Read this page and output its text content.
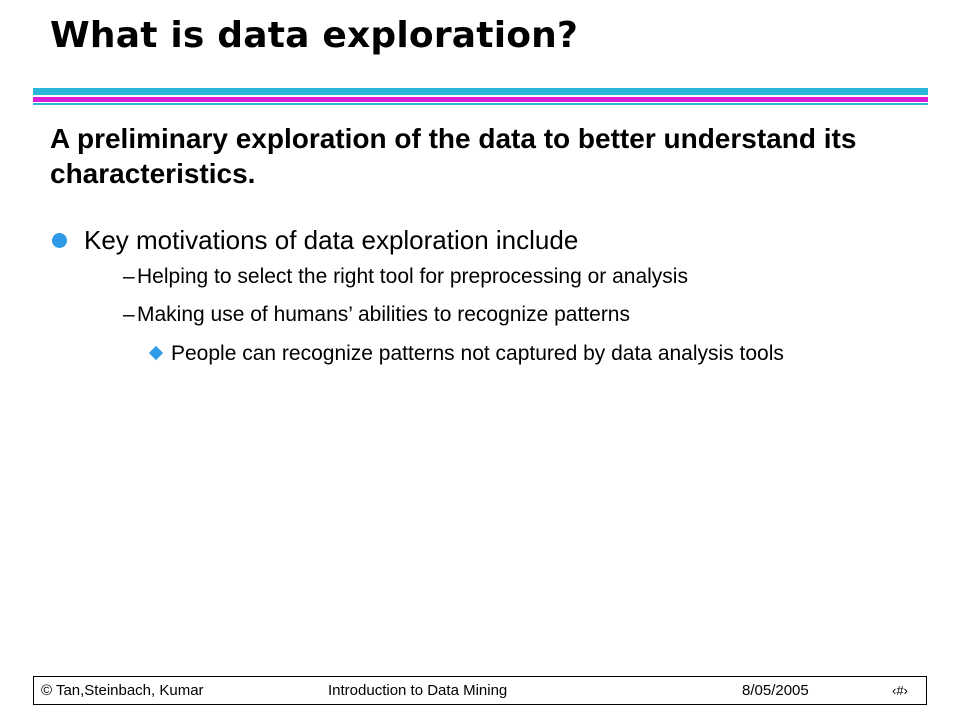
What is data exploration?

A preliminary exploration of the data to better understand its characteristics.

Key motivations of data exploration include
– Helping to select the right tool for preprocessing or analysis
– Making use of humans’ abilities to recognize patterns
People can recognize patterns not captured by data analysis tools
© Tan,Steinbach, Kumar	Introduction to Data Mining	8/05/2005	‹#›
